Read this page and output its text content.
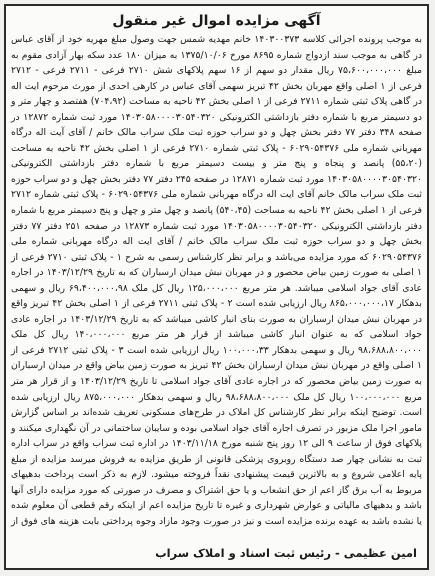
آگهی مزایده اموال غیر منقول
به موجب پرونده اجرائی کلاسه ۱۴۰۳۰۰۳۷۳ خانم مهدیه شمس جهت وصول مبلغ مهریه خود از آقای عباس در گاهی به موجب سند ازدواج شماره ۸۶۹۵ مورخ ۱۳۷۵/۱۰/۰۶ به میزان ۱۸۰ عدد سکه بهار آزادی مقوم به مبلغ ۷۵،۶۰۰،۰۰۰،۰۰۰ ریال مقدار دو سهم از ۱۶ سهم پلاکهای شش ۲۷۱۰ فرعی - ۲۷۱۱ فرعی - ۲۷۱۲ فرعی از ۱ اصلی واقع مهربان بخش ۴۲ تبریز سهمی آقای عباس در کارهی احدی از مورث مرحوم ایت اله در گاهی پلاک ثبتی شماره ۲۷۱۱ فرعی از ۱ اصلی بخش ۴۲ ناحیه به مساحت (۷۰۴،۹۲) هفتصد و چهار متر و دو دسیمتر مربع با شماره دفتر بازداشتی الکترونیکی ۱۴۰۳۰۵۸۰۰۰۰۳۰۵۴۰۳۲۰ مورد ثبت شماره ۱۲۸۷۲ در صفحه ۳۴۸ دفتر ۷۷ دفتر بخش چهل و دو سراب حوزه ثبت ملک سراب مالک خانم / آقای آیت اله درگاه مهربانی شماره ملی ۶۰۲۹۰۵۴۳۷۶ - پلاک ثبتی شماره ۲۷۱۰ فرعی از ۱ اصلی بخش ۴۲ ناحیه به مساحت (۵۵،۲۰) پانصد و پنجاه و پنج متر و بیست دسیمتر مربع با شماره دفتر بازداشتی الکترونیکی ۱۴۰۳۰۵۸۰۰۰۰۳۰۵۴۰۳۲۰ مورد ثبت شماره ۱۲۸۷۱ در صفحه ۲۴۵ دفتر ۷۷ دفتر بخش چهل و دو سراب حوزه ثبت ملک سراب مالک خانم آقای ایت اله درگاه مهربانی شماره ملی ۶۰۲۹۰۵۴۳۷۶ - پلاک ثبتی شماره ۲۷۱۲ فرعی از ۱ اصلی بخش ۴۲ ناحیه به مساحت (۵۴۰،۴۵) پانصد و چهل متر و چهل و پنج دسیمتر مربع با شماره دفتر بازداشتی الکترونیکی ۱۴۰۳۰۵۸۰۰۰۰۳۰۵۴۰۳۲۰ مورد ثبت شماره ۱۲۸۷۳ در صفحه ۲۵۱ دفتر ۷۷ دفتر بخش چهل و دو سراب حوزه ثبت ملک سراب مالک خانم / آقای ایت اله درگاه مهربانی شماره ملی ۶۰۲۹۰۵۴۳۷۶ که مورد مزایده می‌باشد و برابر نظر کارشناس رسمی به شرح ۱ - پلاک ثبتی ۲۷۱۰ فرعی از ۱ اصلی به صورت زمین بیاض محصور و در مهربان نبش میدان ارسباران که به تاریخ ۱۴۰۳/۱۲/۲۹ در اجاره عادی آقای جواد اسلامی میباشد. هر متر مربع ۱۲۵،۰۰۰،۰۰۰ ریال کل ملک ۶۹،۴۰۰،۰۰۰،۹۸ ریال و سهمی بدهکار ۸۶۵،۰۰۰،۰۰۰،۱۷ ریال ارزیابی شده است ۲ - پلاک ثبتی ۲۷۱۱ فرعی از ۱ اصلی بخش ۴۲ تبریز واقع در مهربان نبش میدان ارسباران به صورت بنای انبار کاشی میباشد که به تاریخ ۱۴۰۳/۱۲/۲۹ در اجاره عادی جواد اسلامی که به عنوان انبار کاشی میباشد از قرار هر متر مربع ۱۴۰،۰۰۰،۰۰۰ ریال کل ملک ۹۸،۶۸۸،۸۰۰،۰۰۰ ریال و سهمی بدهکار ۱۰۰،۰۰۰،۳۳ ریال ارزیابی شده است ۳ - پلاک ثبتی ۲۷۱۲ فرعی از ۱ اصلی واقع در مهربان نبش میدان ارسباران بخش ۴۲ تبریز به صورت زمین بیاض واقع در میدان ارسباران به صورت زمین بیاض محصور که در اجاره عادی آقای جواد اسلامی تا تاریخ ۱۴۰۳/۱۲/۲۹ و از قرار هر متر مربع ۱۰۰،۰۰۰،۰۰۰ ریال کل ملک ۹۸،۶۸۸،۸۰۰،۰۰۰ ریال و سهمی بدهکار ۸۷۵،۰۰۰،۰۰۰ ریال ارزیابی شده است. توضیح اینکه برابر نظر کارشناس کل املاک در طرح‌های مسکونی تعریف شده‌اند بر اساس گزارش مامور اجرا ملک مزبور در تصرف اجاره آقای جواد اسلامی بوده و سایبان ساختمانی در آن نگهداری میکنند و پلاکهای فوق از ساعت ۹ الی ۱۲ روز پنج شنبه مورخ ۱۴۰۳/۱۱/۱۸ در اداره ثبت سراب واقع در سراب اداره ثبت به نشانی چهار صد دستگاه روبروی پزشکی قانونی از طریق مزایده به فروش میرسد مزایده از مبلغ پایه اعلامی شروع و به بالاترین قیمت پیشنهادی نقداً فروخته میشود. لازم به ذکر است پرداخت بدهیهای مربوط به آب برق گاز اعم از حق انشعاب و یا حق اشتراک و مصرف در صورتی که مورد مزایده دارای آنها باشد و بدهیهای مالیاتی و عوارض شهرداری و غیره تا تاریخ مزایده اعم از اینکه رقم قطعی آن معلوم شده یا نشده باشد به عهده برنده مزایده است و نیز در صورت وجود مازاد وجوه پرداختی بابت هزینه های فوق از
امین عظیمی - رئیس ثبت اسناد و املاک سراب
